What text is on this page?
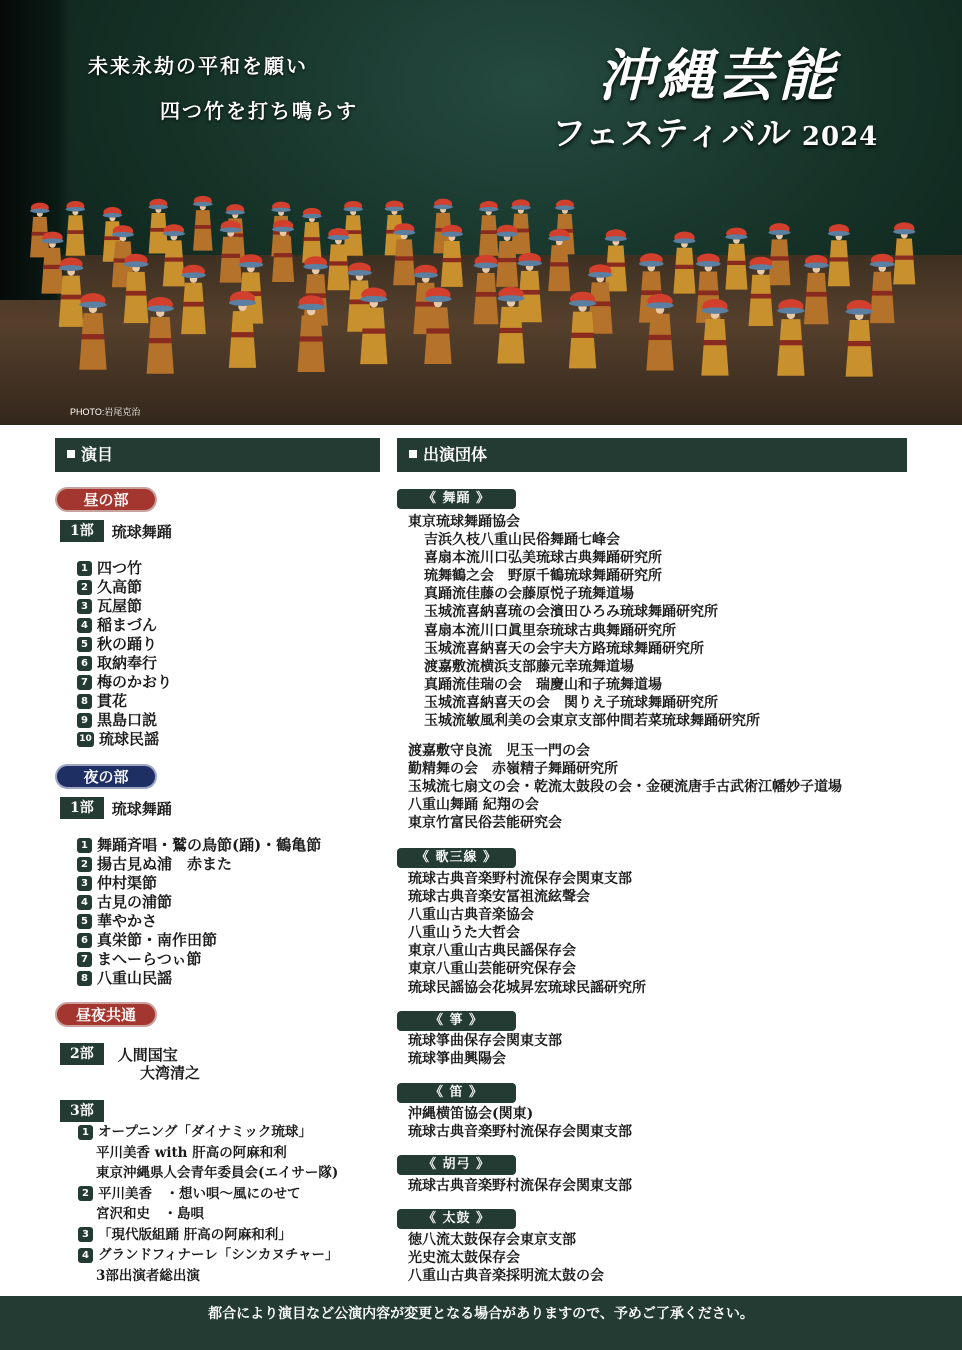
未来永劫の平和を願い

四つ竹を打ち鳴らす

沖縄芸能

フェスティバル 2024

PHOTO:岩尾克治

演目	出演団体
昼の部
1部	琉球舞踊
1 四つ竹
2 久高節
3 瓦屋節
4 稲まづん
5 秋の踊り
6 取納奉行
7 梅のかおり
8 貫花
9 黒島口説
10 琉球民謡
夜の部
1部	琉球舞踊
1 舞踊斉唱・鷲の鳥節(踊)・鶴亀節
2 揚古見ぬ浦　赤また
3 仲村渠節
4 古見の浦節
5 華やかさ
6 真栄節・南作田節
7 まへーらつぃ節
8 八重山民謡
昼夜共通
2部	人間国宝
大湾清之
3部
1 オープニング「ダイナミック琉球」
平川美香 with 肝高の阿麻和利
東京沖縄県人会青年委員会(エイサー隊)
2 平川美香　・想い唄〜風にのせて
宮沢和史　・島唄
3 「現代版組踊 肝高の阿麻和利」
4 グランドフィナーレ「シンカヌチャー」
3部出演者総出演
《 舞踊 》
東京琉球舞踊協会
吉浜久枝八重山民俗舞踊七峰会
喜扇本流川口弘美琉球古典舞踊研究所
琉舞鶴之会　野原千鶴琉球舞踊研究所
真踊流佳藤の会藤原悦子琉舞道場
玉城流喜納喜琉の会濱田ひろみ琉球舞踊研究所
喜扇本流川口眞里奈琉球古典舞踊研究所
玉城流喜納喜天の会宇夫方路琉球舞踊研究所
渡嘉敷流横浜支部藤元幸琉舞道場
真踊流佳瑞の会　瑞慶山和子琉舞道場
玉城流喜納喜天の会　関りえ子琉球舞踊研究所
玉城流敏風利美の会東京支部仲間若菜琉球舞踊研究所
渡嘉敷守良流　児玉一門の会
勤精舞の会　赤嶺精子舞踊研究所
玉城流七扇文の会・乾流太鼓段の会・金硬流唐手古武術江幡妙子道場
八重山舞踊 紀翔の会
東京竹富民俗芸能研究会
《 歌三線 》
琉球古典音楽野村流保存会関東支部
琉球古典音楽安冨祖流絃聲会
八重山古典音楽協会
八重山うた大哲会
東京八重山古典民謡保存会
東京八重山芸能研究保存会
琉球民謡協会花城昇宏琉球民謡研究所
《 箏 》
琉球箏曲保存会関東支部
琉球箏曲興陽会
《 笛 》
沖縄横笛協会(関東)
琉球古典音楽野村流保存会関東支部
《 胡弓 》
琉球古典音楽野村流保存会関東支部
《 太鼓 》
徳八流太鼓保存会東京支部
光史流太鼓保存会
八重山古典音楽採明流太鼓の会
都合により演目など公演内容が変更となる場合がありますので、予めご了承ください。
